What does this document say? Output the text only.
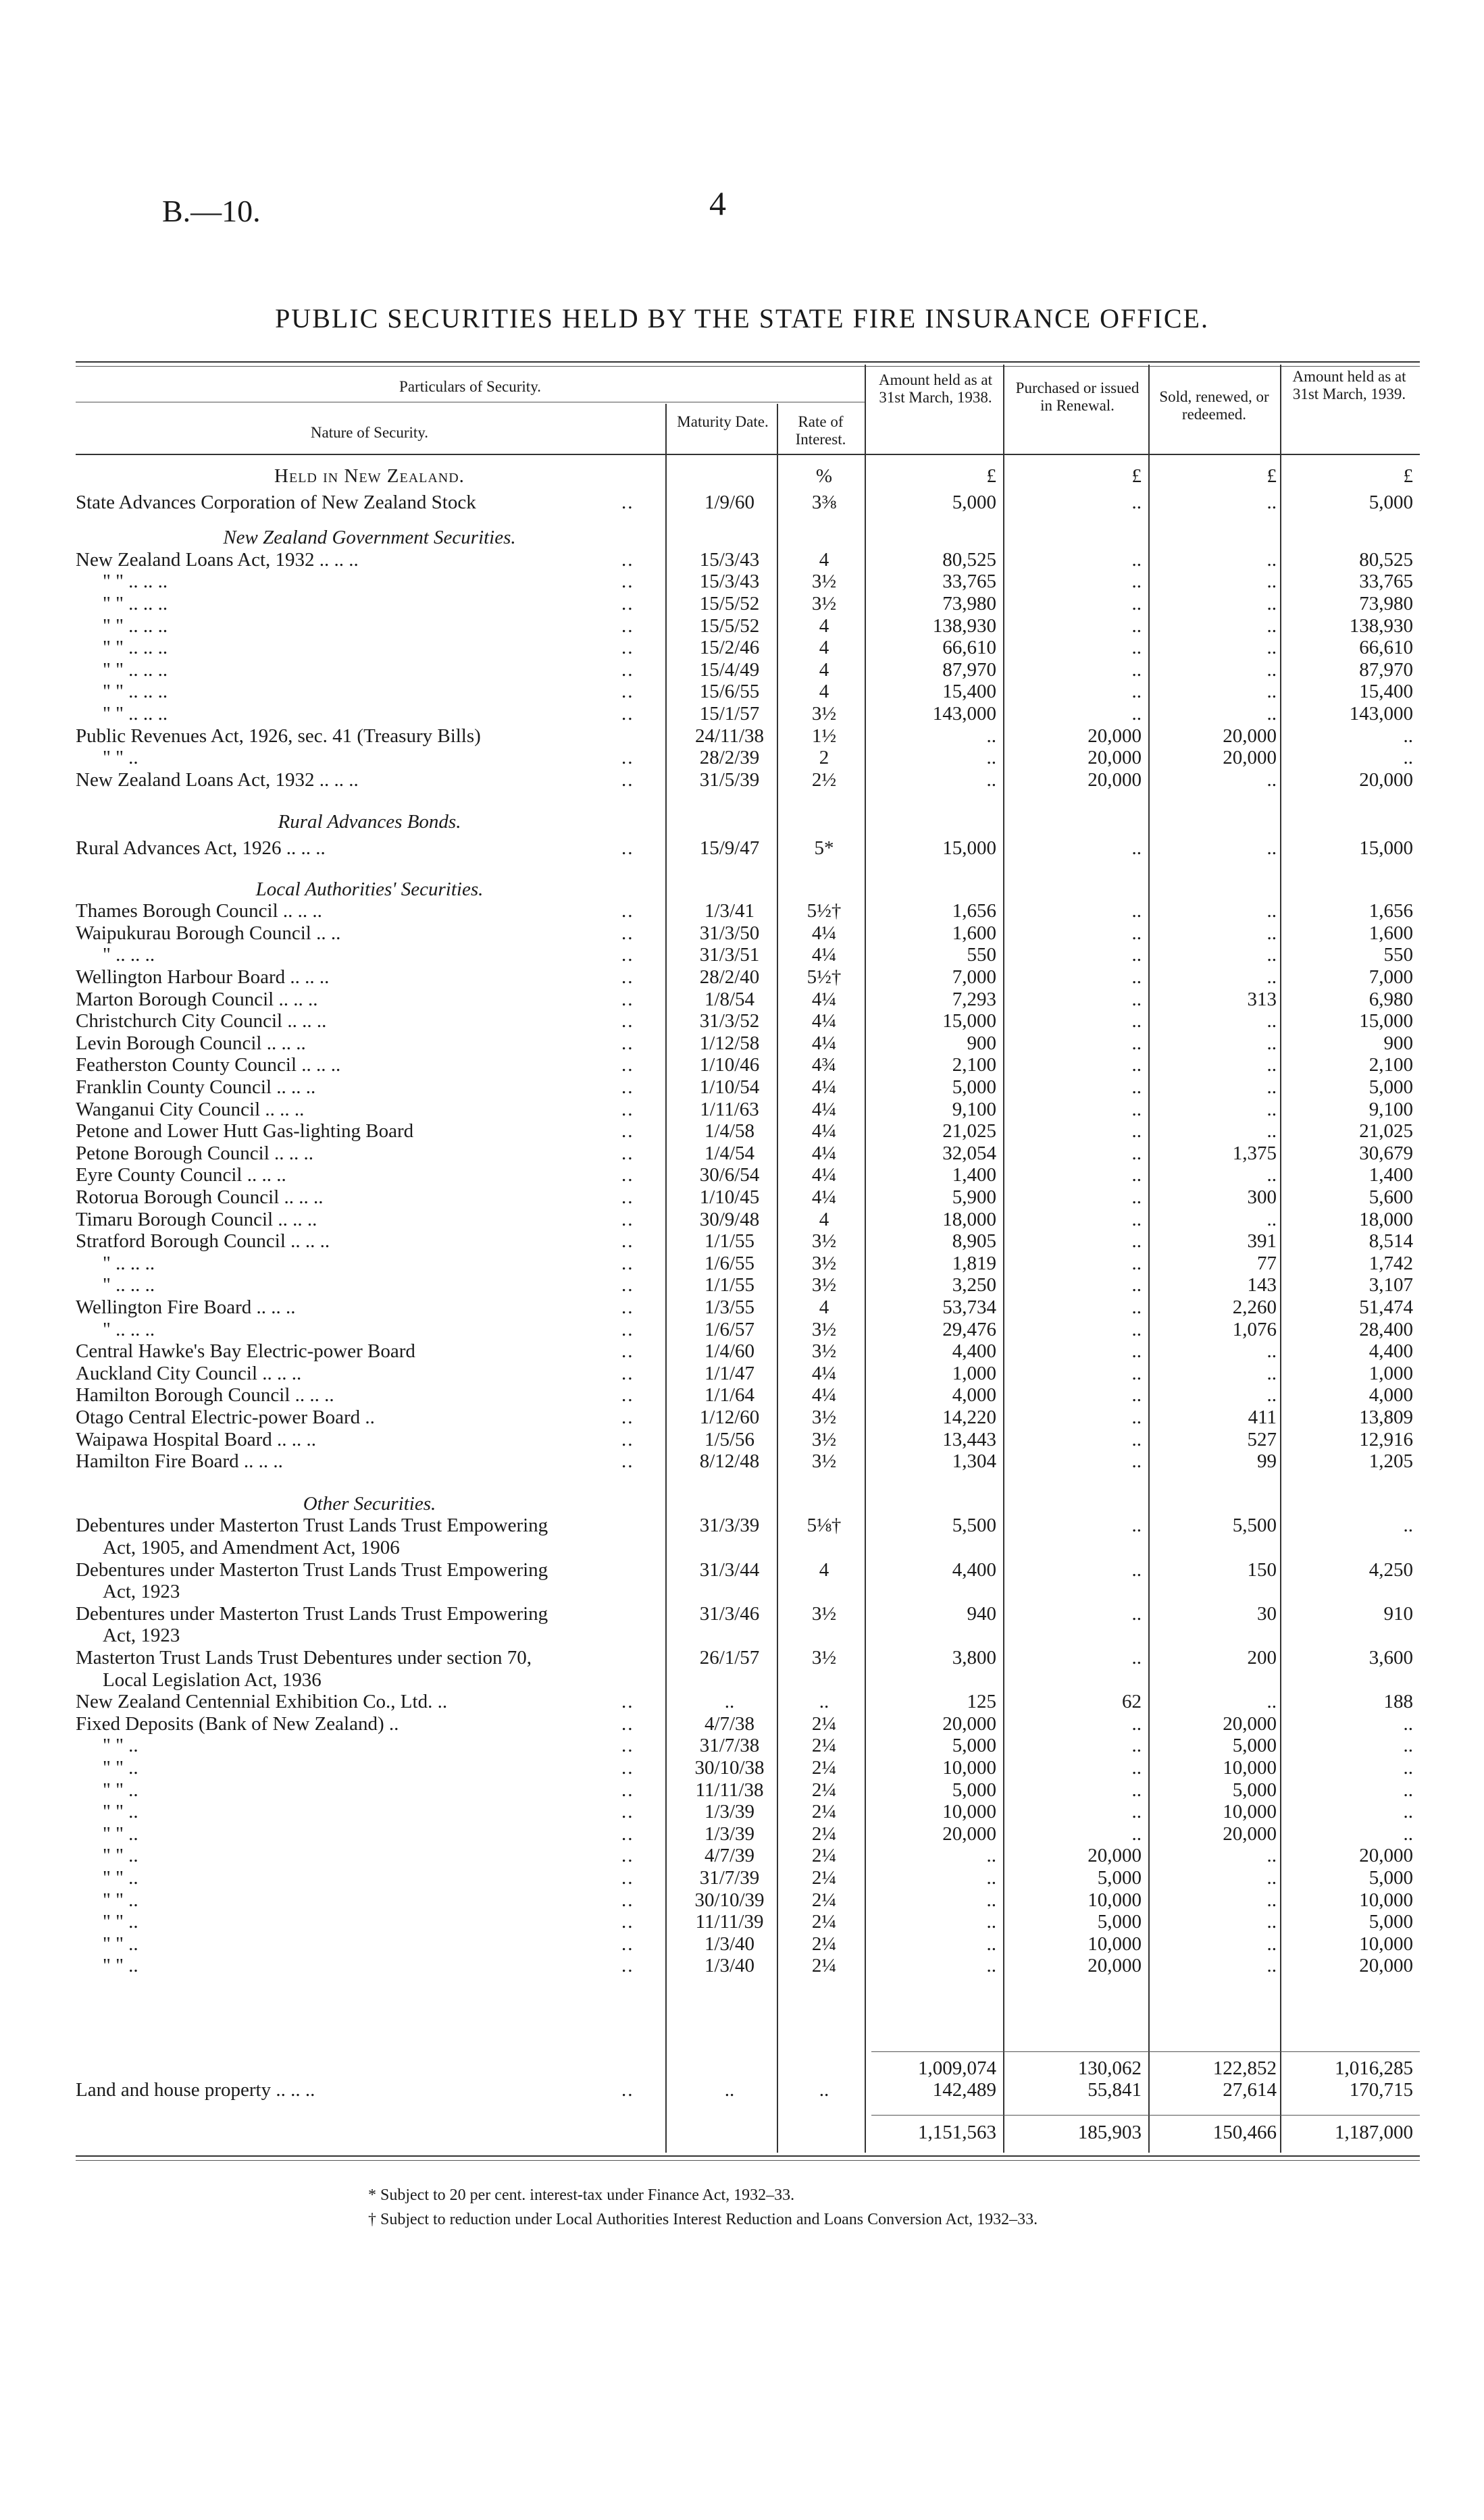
B.—10.	4
PUBLIC SECURITIES HELD BY THE STATE FIRE INSURANCE OFFICE.
Particulars of Security.
Nature of Security.
Maturity Date.	Rate of Interest.
Amount held as at 31st March, 1938.
Purchased or issued in Renewal.
Sold, renewed, or redeemed.
Amount held as at 31st March, 1939.
Held in New Zealand.	%	£	£	£	£
State Advances Corporation of New Zealand Stock	..	1/9/60	3⅜	5,000	..	..	5,000
New Zealand Government Securities.
New Zealand Loans Act, 1932 .. .. ..	..	15/3/43	4	80,525	..	..	80,525
" " .. .. ..	..	15/3/43	3½	33,765	..	..	33,765
" " .. .. ..	..	15/5/52	3½	73,980	..	..	73,980
" " .. .. ..	..	15/5/52	4	138,930	..	..	138,930
" " .. .. ..	..	15/2/46	4	66,610	..	..	66,610
" " .. .. ..	..	15/4/49	4	87,970	..	..	87,970
" " .. .. ..	..	15/6/55	4	15,400	..	..	15,400
" " .. .. ..	..	15/1/57	3½	143,000	..	..	143,000
Public Revenues Act, 1926, sec. 41 (Treasury Bills)	24/11/38	1½	..	20,000	20,000	..
" " ..	..	28/2/39	2	..	20,000	20,000	..
New Zealand Loans Act, 1932 .. .. ..	..	31/5/39	2½	..	20,000	..	20,000
Rural Advances Bonds.
Rural Advances Act, 1926 .. .. ..	..	15/9/47	5*	15,000	..	..	15,000
Local Authorities' Securities.
Thames Borough Council .. .. ..	..	1/3/41	5½†	1,656	..	..	1,656
Waipukurau Borough Council .. ..	..	31/3/50	4¼	1,600	..	..	1,600
" .. .. ..	..	31/3/51	4¼	550	..	..	550
Wellington Harbour Board .. .. ..	..	28/2/40	5½†	7,000	..	..	7,000
Marton Borough Council .. .. ..	..	1/8/54	4¼	7,293	..	313	6,980
Christchurch City Council .. .. ..	..	31/3/52	4¼	15,000	..	..	15,000
Levin Borough Council .. .. ..	..	1/12/58	4¼	900	..	..	900
Featherston County Council .. .. ..	..	1/10/46	4¾	2,100	..	..	2,100
Franklin County Council .. .. ..	..	1/10/54	4¼	5,000	..	..	5,000
Wanganui City Council .. .. ..	..	1/11/63	4¼	9,100	..	..	9,100
Petone and Lower Hutt Gas-lighting Board	..	1/4/58	4¼	21,025	..	..	21,025
Petone Borough Council .. .. ..	..	1/4/54	4¼	32,054	..	1,375	30,679
Eyre County Council .. .. ..	..	30/6/54	4¼	1,400	..	..	1,400
Rotorua Borough Council .. .. ..	..	1/10/45	4¼	5,900	..	300	5,600
Timaru Borough Council .. .. ..	..	30/9/48	4	18,000	..	..	18,000
Stratford Borough Council .. .. ..	..	1/1/55	3½	8,905	..	391	8,514
" .. .. ..	..	1/6/55	3½	1,819	..	77	1,742
" .. .. ..	..	1/1/55	3½	3,250	..	143	3,107
Wellington Fire Board .. .. ..	..	1/3/55	4	53,734	..	2,260	51,474
" .. .. ..	..	1/6/57	3½	29,476	..	1,076	28,400
Central Hawke's Bay Electric-power Board	..	1/4/60	3½	4,400	..	..	4,400
Auckland City Council .. .. ..	..	1/1/47	4¼	1,000	..	..	1,000
Hamilton Borough Council .. .. ..	..	1/1/64	4¼	4,000	..	..	4,000
Otago Central Electric-power Board ..	..	1/12/60	3½	14,220	..	411	13,809
Waipawa Hospital Board .. .. ..	..	1/5/56	3½	13,443	..	527	12,916
Hamilton Fire Board .. .. ..	..	8/12/48	3½	1,304	..	99	1,205
Other Securities.
Debentures under Masterton Trust Lands Trust Empowering	31/3/39	5⅛†	5,500	..	5,500	..
Act, 1905, and Amendment Act, 1906
Debentures under Masterton Trust Lands Trust Empowering	31/3/44	4	4,400	..	150	4,250
Act, 1923
Debentures under Masterton Trust Lands Trust Empowering	31/3/46	3½	940	..	30	910
Act, 1923
Masterton Trust Lands Trust Debentures under section 70,	26/1/57	3½	3,800	..	200	3,600
Local Legislation Act, 1936
New Zealand Centennial Exhibition Co., Ltd. ..	..	..	..	125	62	..	188
Fixed Deposits (Bank of New Zealand) ..	..	4/7/38	2¼	20,000	..	20,000	..
" " ..	..	31/7/38	2¼	5,000	..	5,000	..
" " ..	..	30/10/38	2¼	10,000	..	10,000	..
" " ..	..	11/11/38	2¼	5,000	..	5,000	..
" " ..	..	1/3/39	2¼	10,000	..	10,000	..
" " ..	..	1/3/39	2¼	20,000	..	20,000	..
" " ..	..	4/7/39	2¼	..	20,000	..	20,000
" " ..	..	31/7/39	2¼	..	5,000	..	5,000
" " ..	..	30/10/39	2¼	..	10,000	..	10,000
" " ..	..	11/11/39	2¼	..	5,000	..	5,000
" " ..	..	1/3/40	2¼	..	10,000	..	10,000
" " ..	..	1/3/40	2¼	..	20,000	..	20,000
1,009,074	130,062	122,852	1,016,285
Land and house property .. .. ..	..	..	..	142,489	55,841	27,614	170,715
1,151,563	185,903	150,466	1,187,000
* Subject to 20 per cent. interest-tax under Finance Act, 1932–33.
† Subject to reduction under Local Authorities Interest Reduction and Loans Conversion Act, 1932–33.
